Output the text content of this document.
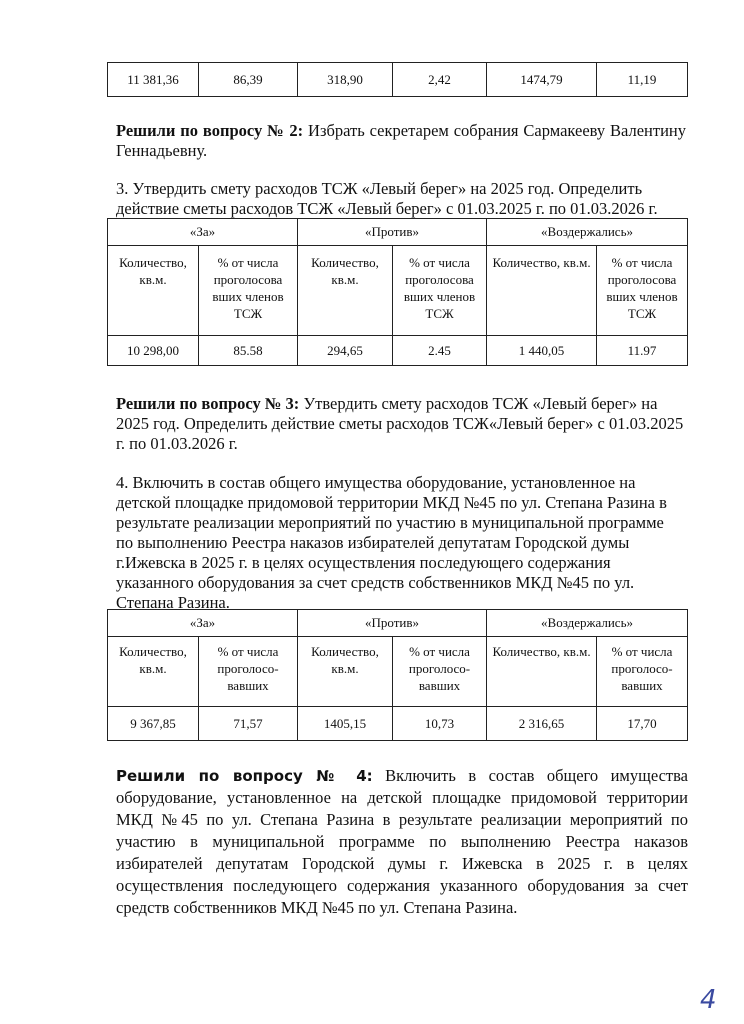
11 381,36	86,39	318,90	2,42	1474,79	11,19

Решили по вопросу № 2: Избрать секретарем собрания Сармакееву Валентину Геннадьевну.

3. Утвердить смету расходов ТСЖ «Левый берег» на 2025 год. Определить действие сметы расходов ТСЖ «Левый берег» с 01.03.2025 г. по 01.03.2026 г.

«За»		«Против»		«Воздержались»	
Количество, кв.м.	% от числа проголосова вших членов ТСЖ	Количество, кв.м.	% от числа проголосова вших членов ТСЖ	Количество, кв.м.	% от числа проголосова вших членов ТСЖ
10 298,00	85.58	294,65	2.45	1 440,05	11.97

Решили по вопросу № 3: Утвердить смету расходов ТСЖ «Левый берег» на 2025 год. Определить действие сметы расходов ТСЖ«Левый берег» с 01.03.2025 г. по 01.03.2026 г.

4. Включить в состав общего имущества оборудование, установленное на детской площадке придомовой территории МКД №45 по ул. Степана Разина в результате реализации мероприятий по участию в муниципальной программе по выполнению Реестра наказов избирателей депутатам Городской думы г.Ижевска в 2025 г. в целях осуществления последующего содержания указанного оборудования за счет средств собственников МКД №45 по ул. Степана Разина.

«За»		«Против»		«Воздержались»	
Количество, кв.м.	% от числа проголосо-вавших	Количество, кв.м.	% от числа проголосо-вавших	Количество, кв.м.	% от числа проголосо-вавших
9 367,85	71,57	1405,15	10,73	2 316,65	17,70

Решили по вопросу № 4: Включить в состав общего имущества оборудование, установленное на детской площадке придомовой территории МКД №45 по ул. Степана Разина в результате реализации мероприятий по участию в муниципальной программе по выполнению Реестра наказов избирателей депутатам Городской думы г. Ижевска в 2025 г. в целях осуществления последующего содержания указанного оборудования за счет средств собственников МКД №45 по ул. Степана Разина.

4
